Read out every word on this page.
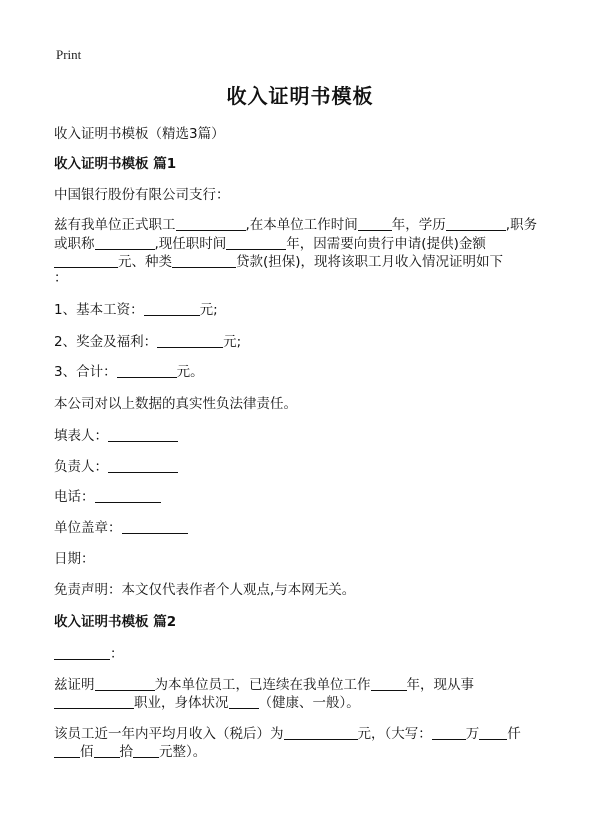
Print
收入证明书模板
收入证明书模板（精选3篇）
收入证明书模板 篇1
中国银行股份有限公司支行：
兹有我单位正式职工	,在本单位工作时间	年，学历	,职务
或职称	,现任职时间	年，因需要向贵行申请(提供)金额
元、种类	贷款(担保)，现将该职工月收入情况证明如下
：
1、基本工资：	元;
2、奖金及福利：	元;
3、合计：	元。
本公司对以上数据的真实性负法律责任。
填表人：
负责人：
电话：
单位盖章：
日期：
免责声明：本文仅代表作者个人观点,与本网无关。
收入证明书模板 篇2
：
兹证明	为本单位员工，已连续在我单位工作	年，现从事
职业，身体状况 （健康、一般）。
该员工近一年内平均月收入（税后）为	元，（大写：	万 仟
佰 拾 元整）。
